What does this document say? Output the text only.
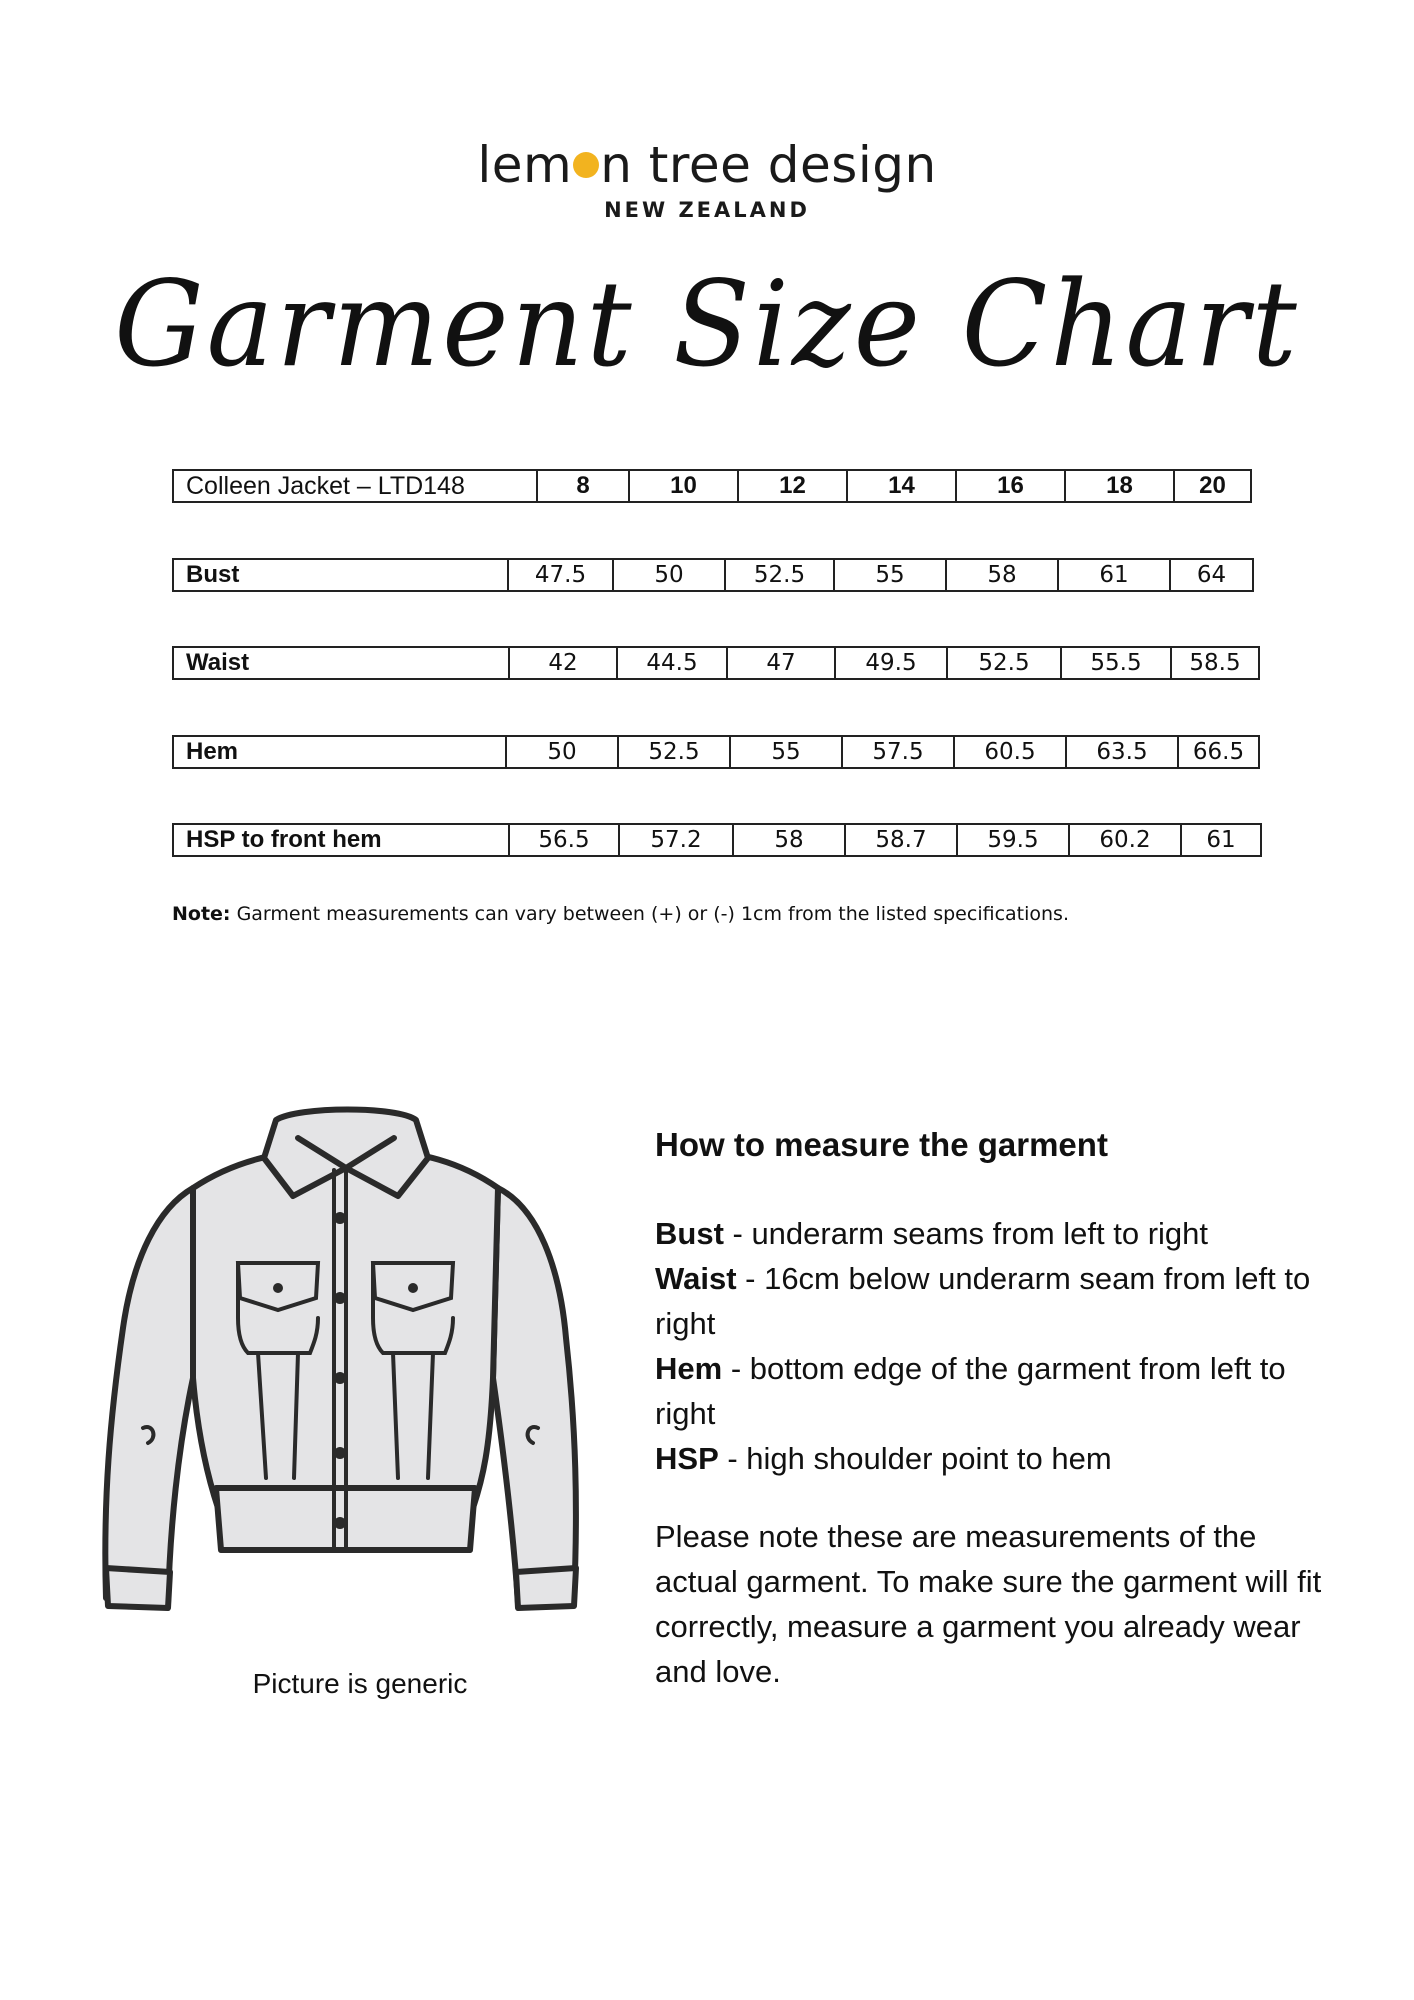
lem n tree design
NEW ZEALAND
Garment Size Chart
Colleen Jacket – LTD148	8	10	12	14	16	18	20
Bust	47.5	50	52.5	55	58	61	64
Waist	42	44.5	47	49.5	52.5	55.5	58.5
Hem	50	52.5	55	57.5	60.5	63.5	66.5
HSP to front hem	56.5	57.2	58	58.7	59.5	60.2	61
Note: Garment measurements can vary between (+) or (-) 1cm from the listed specifications.
Picture is generic
How to measure the garment

Bust - underarm seams from left to right

Waist - 16cm below underarm seam from left to right

Hem - bottom edge of the garment from left to right

HSP - high shoulder point to hem

Please note these are measurements of the actual garment. To make sure the garment will fit correctly, measure a garment you already wear and love.
